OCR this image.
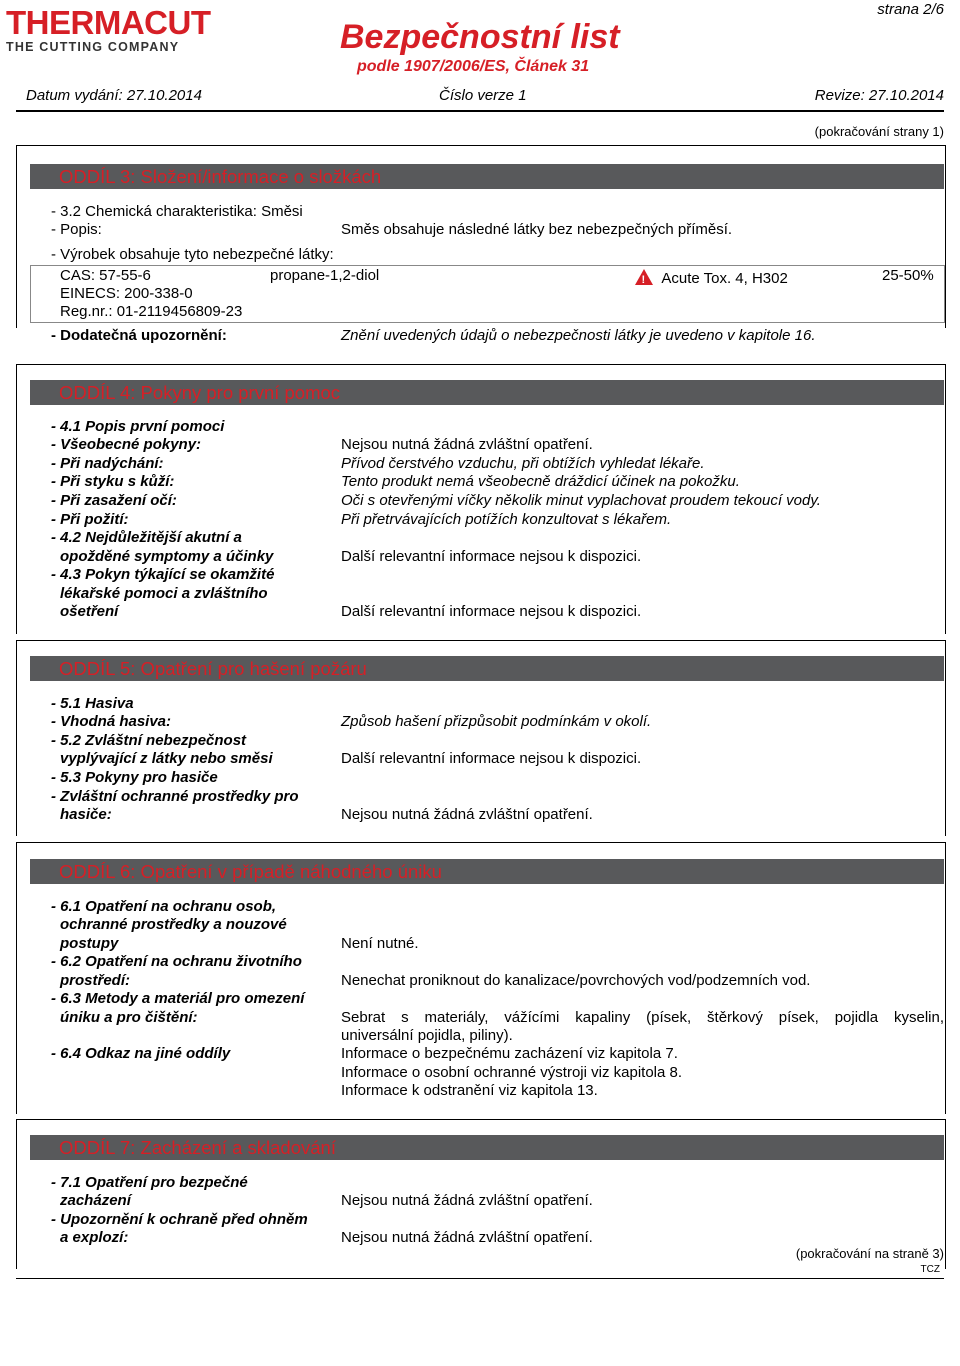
THERMACUT
THE CUTTING COMPANY	Bezpečnostní list
podle 1907/2006/ES, Článek 31
strana 2/6
Datum vydání: 27.10.2014	Číslo verze 1	Revize: 27.10.2014
(pokračování strany 1)
ODDÍL 3: Složení/informace o složkách
- 3.2 Chemická charakteristika: Směsi
- Popis:	Směs obsahuje následné látky bez nebezpečných příměsí.
- Výrobek obsahuje tyto nebezpečné látky:
CAS: 57-55-6
EINECS: 200-338-0
Reg.nr.: 01-2119456809-23
propane-1,2-diol
!	Acute Tox. 4, H302	25-50%
- Dodatečná upozornění:	Znění uvedených údajů o nebezpečnosti látky je uvedeno v kapitole 16.
ODDÍL 4: Pokyny pro první pomoc
- 4.1 Popis první pomoci
- Všeobecné pokyny:	Nejsou nutná žádná zvláštní opatření.
- Při nadýchání:	Přívod čerstvého vzduchu, při obtížích vyhledat lékaře.
- Při styku s kůží:	Tento produkt nemá všeobecně dráždicí účinek na pokožku.
- Při zasažení očí:	Oči s otevřenými víčky několik minut vyplachovat proudem tekoucí vody.
- Při požití:	Při přetrvávajících potížích konzultovat s lékařem.
- 4.2 Nejdůležitější akutní a
opožděné symptomy a účinky	Další relevantní informace nejsou k dispozici.
- 4.3 Pokyn týkající se okamžité
lékařské pomoci a zvláštního
ošetření	Další relevantní informace nejsou k dispozici.
ODDÍL 5: Opatření pro hašení požáru
- 5.1 Hasiva
- Vhodná hasiva:	Způsob hašení přizpůsobit podmínkám v okolí.
- 5.2 Zvláštní nebezpečnost
vyplývající z látky nebo směsi	Další relevantní informace nejsou k dispozici.
- 5.3 Pokyny pro hasiče
- Zvláštní ochranné prostředky pro
hasiče:	Nejsou nutná žádná zvláštní opatření.
ODDÍL 6: Opatření v případě náhodného úniku
- 6.1 Opatření na ochranu osob,
ochranné prostředky a nouzové
postupy	Není nutné.
- 6.2 Opatření na ochranu životního
prostředí:	Nenechat proniknout do kanalizace/povrchových vod/podzemních vod.
- 6.3 Metody a materiál pro omezení
úniku a pro čištění:	Sebrat s materiály, vážícími kapaliny (písek, štěrkový písek, pojidla kyselin,
universální pojidla, piliny).
- 6.4 Odkaz na jiné oddíly	Informace o bezpečnému zacházení viz kapitola 7.
Informace o osobní ochranné výstroji viz kapitola 8.
Informace k odstranění viz kapitola 13.
ODDÍL 7: Zacházení a skladování
- 7.1 Opatření pro bezpečné
zacházení	Nejsou nutná žádná zvláštní opatření.
- Upozornění k ochraně před ohněm
a explozí:	Nejsou nutná žádná zvláštní opatření.
(pokračování na straně 3)
TCZ
